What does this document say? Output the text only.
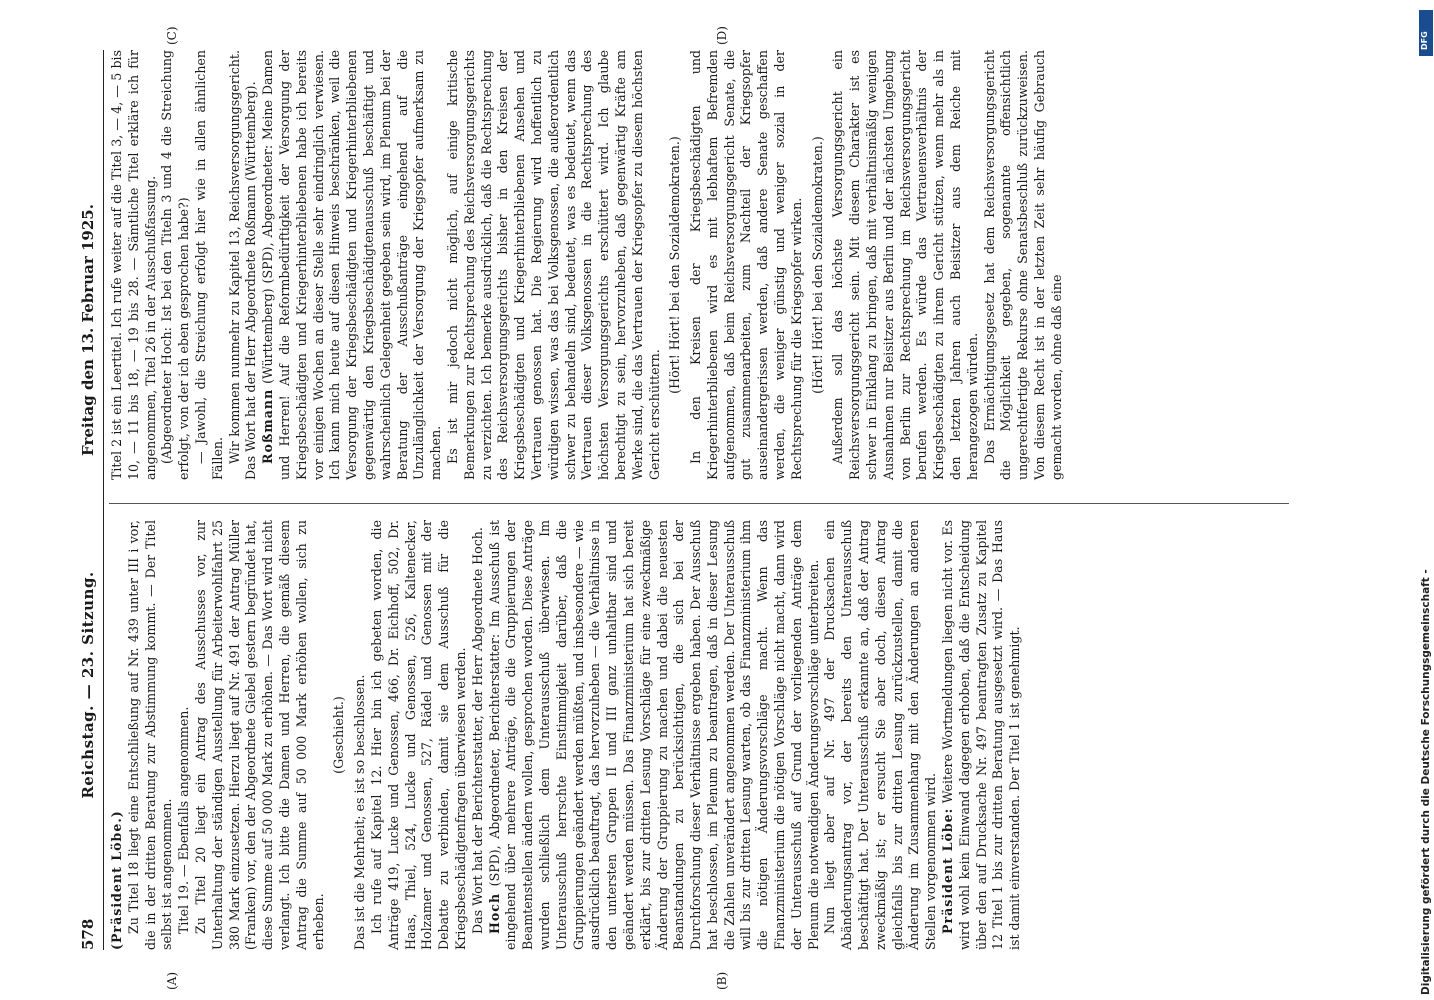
578
Reichstag. — 23. Sitzung.
Freitag den 13. Februar 1925.
(A)	(B)
(C)	(D)

(Präsident Löbe.) Zu Titel 18 liegt eine Entschließung auf Nr. 439 unter III i vor, die in der dritten Beratung zur Abstimmung kommt. — Der Titel selbst ist angenommen. Titel 19. — Ebenfalls angenommen. Zu Titel 20 liegt ein Antrag des Ausschusses vor, zur Unterhaltung der ständigen Ausstellung für Arbeiterwohlfahrt 25 380 Mark einzusetzen. Hierzu liegt auf Nr. 491 der Antrag Müller (Franken) vor, den der Abgeordnete Giebel gestern begründet hat, diese Summe auf 50 000 Mark zu erhöhen. — Das Wort wird nicht verlangt. Ich bitte die Damen und Herren, die gemäß diesem Antrag die Summe auf 50 000 Mark erhöhen wollen, sich zu erheben.

(Geschieht.) Das ist die Mehrheit; es ist so beschlossen. Ich rufe auf Kapitel 12. Hier bin ich gebeten worden, die Anträge 419, Lucke und Genossen, 466, Dr. Eichhoff, 502, Dr. Haas, Thiel, 524, Lucke und Genossen, 526, Kaltenecker, Holzamer und Genossen, 527, Rädel und Genossen mit der Debatte zu verbinden, damit sie dem Ausschuß für die Kriegsbeschädigtenfragen überwiesen werden. Das Wort hat der Berichterstatter, der Herr Abgeordnete Hoch. Hoch (SPD), Abgeordneter, Berichterstatter: Im Ausschuß ist eingehend über mehrere Anträge, die die Gruppierungen der Beamtenstellen ändern wollen, gesprochen worden. Diese Anträge wurden schließlich dem Unterausschuß überwiesen. Im Unterausschuß herrschte Einstimmigkeit darüber, daß die Gruppierungen geändert werden müßten, und insbesondere — wie ausdrücklich beauftragt, das hervorzuheben — die Verhältnisse in den untersten Gruppen II und III ganz unhaltbar sind und geändert werden müssen. Das Finanzministerium hat sich bereit erklärt, bis zur dritten Lesung Vorschläge für eine zweckmäßige Änderung der Gruppierung zu machen und dabei die neuesten Beanstandungen zu berücksichtigen, die sich bei der Durchforschung dieser Verhältnisse ergeben haben. Der Ausschuß hat beschlossen, im Plenum zu beantragen, daß in dieser Lesung die Zahlen unverändert angenommen werden. Der Unterausschuß will bis zur dritten Lesung warten, ob das Finanzministerium ihm die nötigen Änderungsvorschläge macht. Wenn das Finanzministerium die nötigen Vorschläge nicht macht, dann wird der Unterausschuß auf Grund der vorliegenden Anträge dem Plenum die notwendigen Änderungsvorschläge unterbreiten. Nun liegt aber auf Nr. 497 der Drucksachen ein Abänderungsantrag vor, der bereits den Unterausschuß beschäftigt hat. Der Unterausschuß erkannte an, daß der Antrag zweckmäßig ist; er ersucht Sie aber doch, diesen Antrag gleichfalls bis zur dritten Lesung zurückzustellen, damit die Änderung im Zusammenhang mit den Änderungen an anderen Stellen vorgenommen wird. Präsident Löbe: Weitere Wortmeldungen liegen nicht vor. Es wird wohl kein Einwand dagegen erhoben, daß die Entscheidung über den auf Drucksache Nr. 497 beantragten Zusatz zu Kapitel 12 Titel 1 bis zur dritten Beratung ausgesetzt wird. — Das Haus ist damit einverstanden. Der Titel 1 ist genehmigt.

Titel 2 ist ein Leertitel. Ich rufe weiter auf die Titel 3, — 4, — 5 bis 10, — 11 bis 18, — 19 bis 28. — Sämtliche Titel erkläre ich für angenommen, Titel 26 in der Ausschußfassung. (Abgeordneter Hoch: Ist bei den Titeln 3 und 4 die Streichung erfolgt, von der ich eben gesprochen habe?) — Jawohl, die Streichung erfolgt hier wie in allen ähnlichen Fällen. Wir kommen nunmehr zu Kapitel 13, Reichsversorgungsgericht. Das Wort hat der Herr Abgeordnete Roßmann (Württemberg). Roßmann (Württemberg) (SPD), Abgeordneter: Meine Damen und Herren! Auf die Reformbedürftigkeit der Versorgung der Kriegsbeschädigten und Kriegerhinterbliebenen habe ich bereits vor einigen Wochen an dieser Stelle sehr eindringlich verwiesen. Ich kann mich heute auf diesen Hinweis beschränken, weil die Versorgung der Kriegsbeschädigten und Kriegerhinterbliebenen gegenwärtig den Kriegsbeschädigtenausschuß beschäftigt und wahrscheinlich Gelegenheit gegeben sein wird, im Plenum bei der Beratung der Ausschußanträge eingehend auf die Unzulänglichkeit der Versorgung der Kriegsopfer aufmerksam zu machen. Es ist mir jedoch nicht möglich, auf einige kritische Bemerkungen zur Rechtsprechung des Reichsversorgungsgerichts zu verzichten. Ich bemerke ausdrücklich, daß die Rechtsprechung des Reichsversorgungsgerichts bisher in den Kreisen der Kriegsbeschädigten und Kriegerhinterbliebenen Ansehen und Vertrauen genossen hat. Die Regierung wird hoffentlich zu würdigen wissen, was das bei Volksgenossen, die außerordentlich schwer zu behandeln sind, bedeutet, was es bedeutet, wenn das Vertrauen dieser Volksgenossen in die Rechtsprechung des höchsten Versorgungsgerichts erschüttert wird. Ich glaube berechtigt zu sein, hervorzuheben, daß gegenwärtig Kräfte am Werke sind, die das Vertrauen der Kriegsopfer zu diesem höchsten Gericht erschüttern.

(Hört! Hört! bei den Sozialdemokraten.) In den Kreisen der Kriegsbeschädigten und Kriegerhinterbliebenen wird es mit lebhaftem Befremden aufgenommen, daß beim Reichsversorgungsgericht Senate, die gut zusammenarbeiten, zum Nachteil der Kriegsopfer auseinandergerissen werden, daß andere Senate geschaffen werden, die weniger günstig und weniger sozial in der Rechtsprechung für die Kriegsopfer wirken. (Hört! Hört! bei den Sozialdemokraten.) Außerdem soll das höchste Versorgungsgericht ein Reichsversorgungsgericht sein. Mit diesem Charakter ist es schwer in Einklang zu bringen, daß mit verhältnismäßig wenigen Ausnahmen nur Beisitzer aus Berlin und der nächsten Umgebung von Berlin zur Rechtsprechung im Reichsversorgungsgericht berufen werden. Es würde das Vertrauensverhältnis der Kriegsbeschädigten zu ihrem Gericht stützen, wenn mehr als in den letzten Jahren auch Beisitzer aus dem Reiche mit herangezogen würden. Das Ermächtigungsgesetz hat dem Reichsversorgungsgericht die Möglichkeit gegeben, sogenannte offensichtlich ungerechtfertigte Rekurse ohne Senatsbeschluß zurückzuweisen. Von diesem Recht ist in der letzten Zeit sehr häufig Gebrauch gemacht worden, ohne daß eine

DFG
Digitalisierung gefördert durch die Deutsche Forschungsgemeinschaft -
